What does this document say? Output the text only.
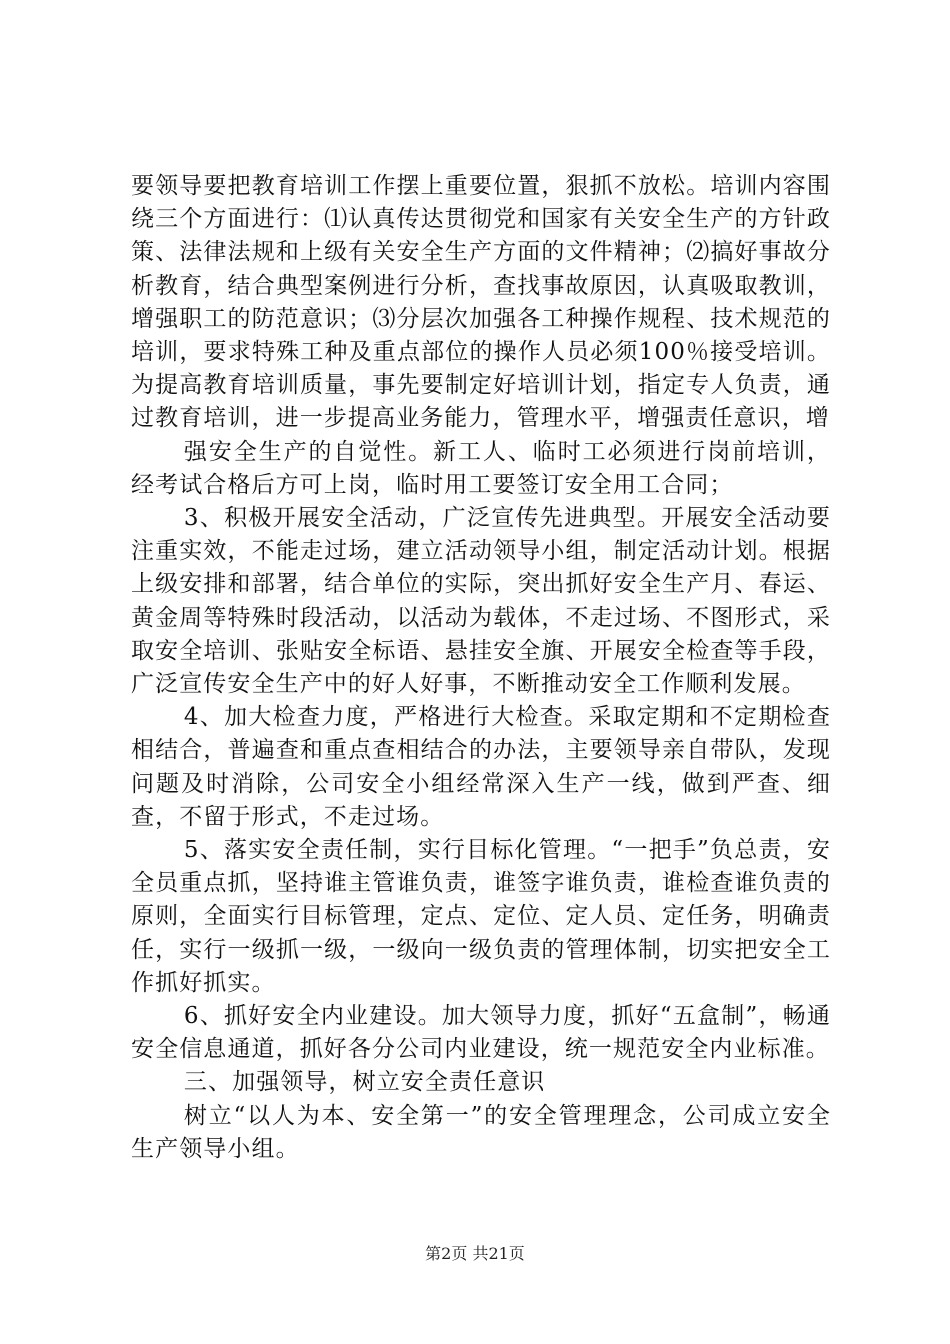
要领导要把教育培训工作摆上重要位置，狠抓不放松。培训内容围绕三个方面进行：⑴认真传达贯彻党和国家有关安全生产的方针政策、法律法规和上级有关安全生产方面的文件精神；⑵搞好事故分析教育，结合典型案例进行分析，查找事故原因，认真吸取教训，增强职工的防范意识；⑶分层次加强各工种操作规程、技术规范的培训，要求特殊工种及重点部位的操作人员必须100％接受培训。为提高教育培训质量，事先要制定好培训计划，指定专人负责，通过教育培训，进一步提高业务能力，管理水平，增强责任意识，增

强安全生产的自觉性。新工人、临时工必须进行岗前培训，经考试合格后方可上岗，临时用工要签订安全用工合同；

3、积极开展安全活动，广泛宣传先进典型。开展安全活动要注重实效，不能走过场，建立活动领导小组，制定活动计划。根据上级安排和部署，结合单位的实际，突出抓好安全生产月、春运、黄金周等特殊时段活动，以活动为载体，不走过场、不图形式，采取安全培训、张贴安全标语、悬挂安全旗、开展安全检查等手段，广泛宣传安全生产中的好人好事，不断推动安全工作顺利发展。

4、加大检查力度，严格进行大检查。采取定期和不定期检查相结合，普遍查和重点查相结合的办法，主要领导亲自带队，发现问题及时消除，公司安全小组经常深入生产一线，做到严查、细查，不留于形式，不走过场。

5、落实安全责任制，实行目标化管理。“一把手”负总责，安全员重点抓，坚持谁主管谁负责，谁签字谁负责，谁检查谁负责的原则，全面实行目标管理，定点、定位、定人员、定任务，明确责任，实行一级抓一级，一级向一级负责的管理体制，切实把安全工作抓好抓实。

6、抓好安全内业建设。加大领导力度，抓好“五盒制”，畅通安全信息通道，抓好各分公司内业建设，统一规范安全内业标准。

三、加强领导，树立安全责任意识

树立“以人为本、安全第一”的安全管理理念，公司成立安全生产领导小组。

第2页 共21页
